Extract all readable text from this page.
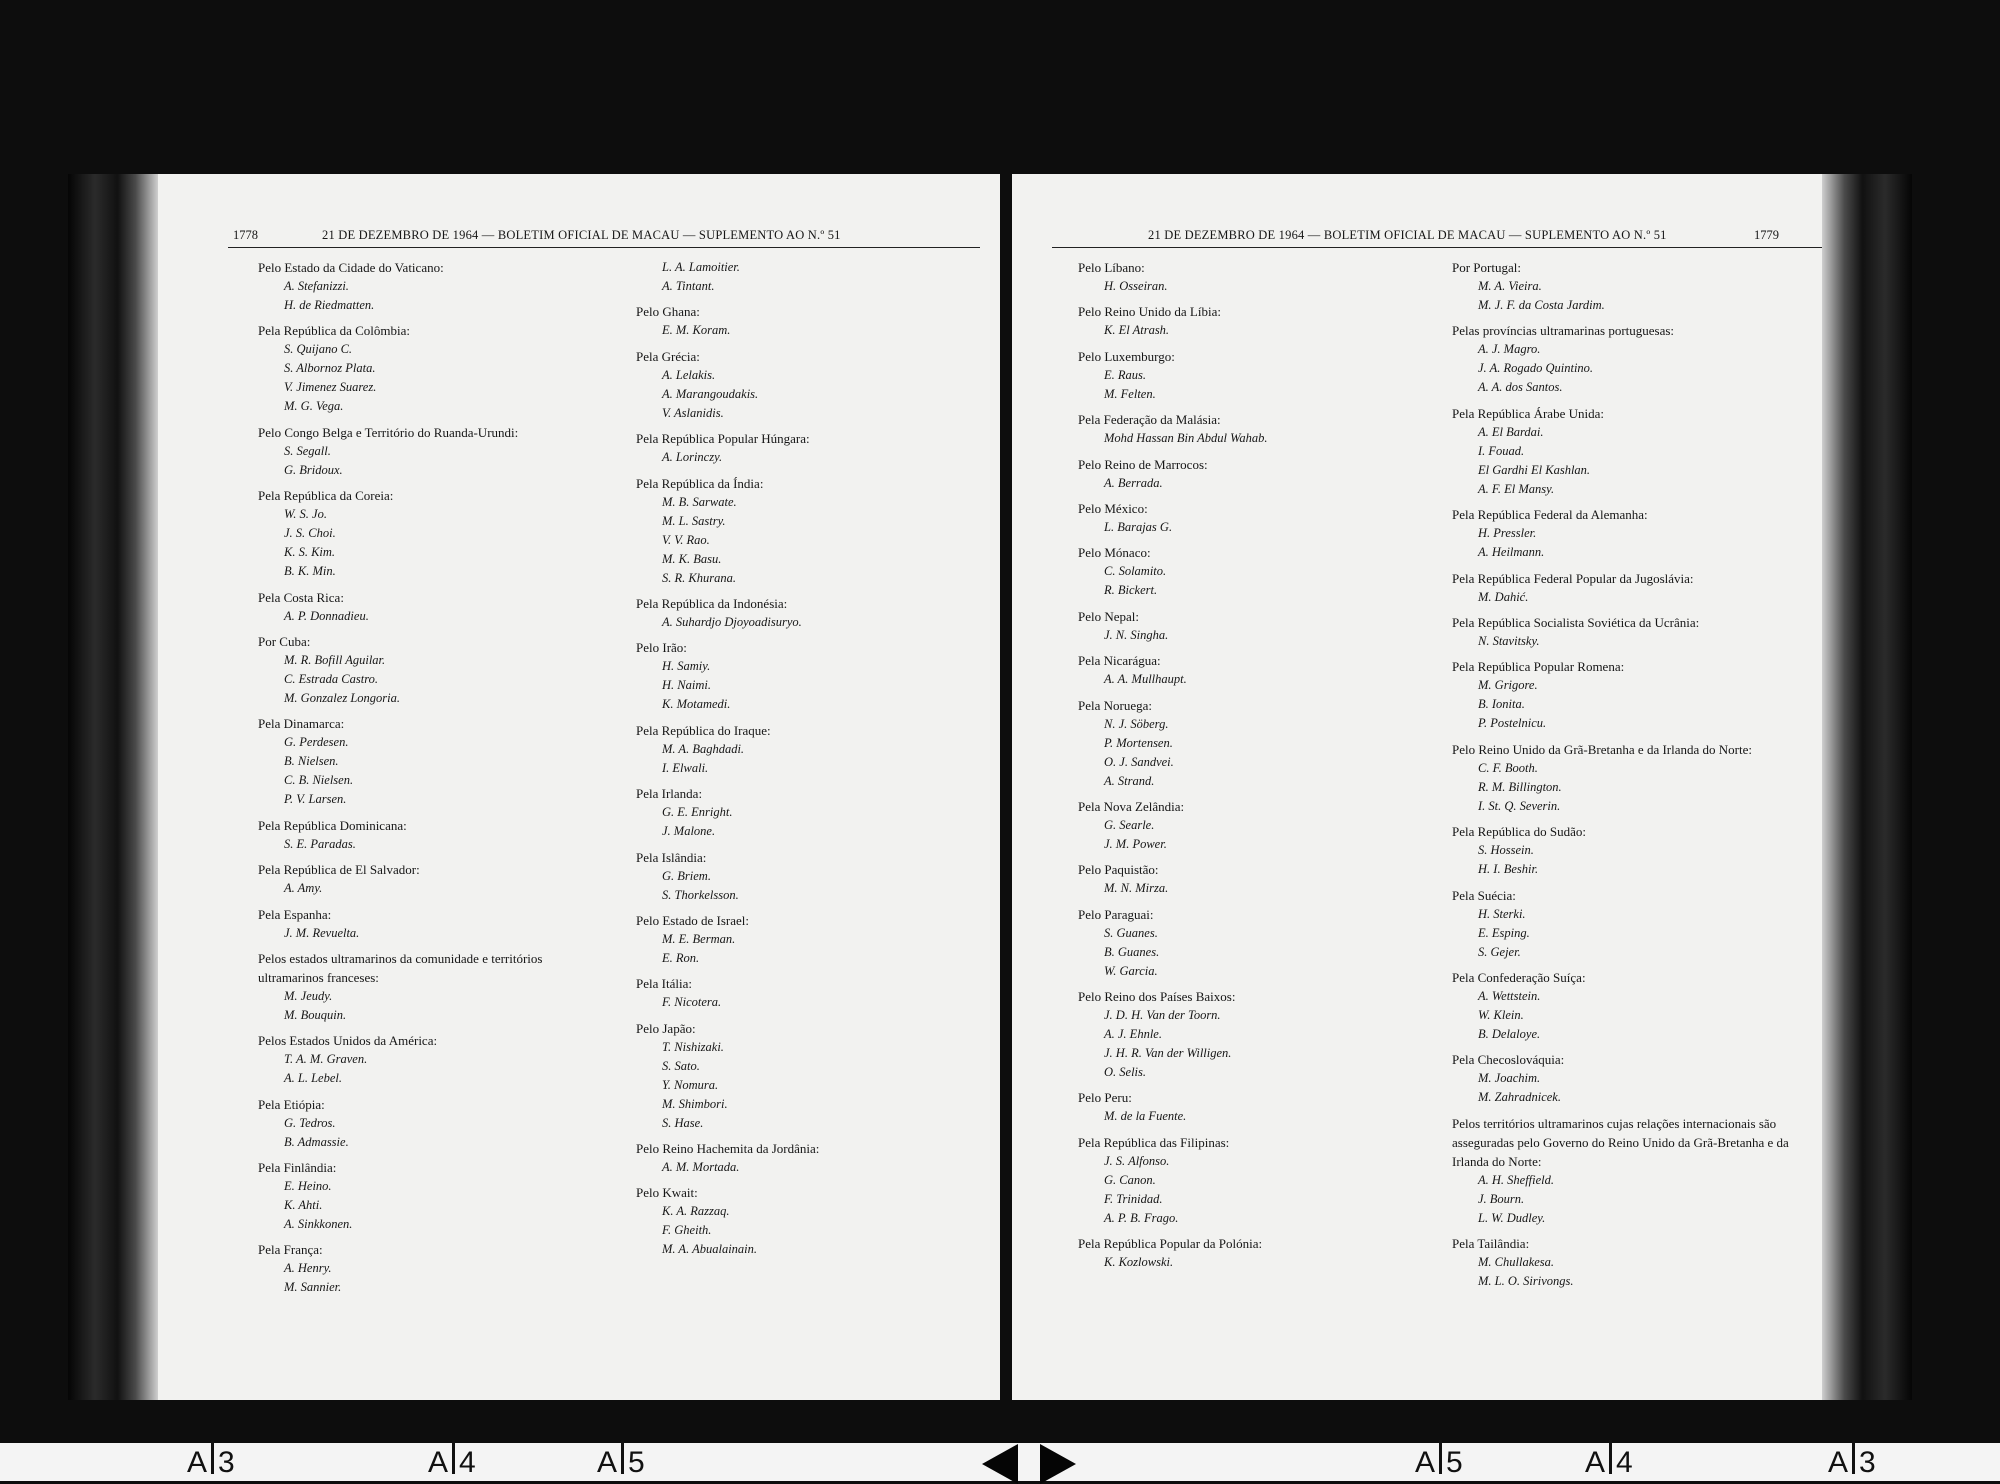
1778	21 DE DEZEMBRO DE 1964 — BOLETIM OFICIAL DE MACAU — SUPLEMENTO AO N.º 51
Pelo Estado da Cidade do Vaticano:
A. Stefanizzi.
H. de Riedmatten.
Pela República da Colômbia:
S. Quijano C.
S. Albornoz Plata.
V. Jimenez Suarez.
M. G. Vega.
Pelo Congo Belga e Território do Ruanda-Urundi:
S. Segall.
G. Bridoux.
Pela República da Coreia:
W. S. Jo.
J. S. Choi.
K. S. Kim.
B. K. Min.
Pela Costa Rica:
A. P. Donnadieu.
Por Cuba:
M. R. Bofill Aguilar.
C. Estrada Castro.
M. Gonzalez Longoria.
Pela Dinamarca:
G. Perdesen.
B. Nielsen.
C. B. Nielsen.
P. V. Larsen.
Pela República Dominicana:
S. E. Paradas.
Pela República de El Salvador:
A. Amy.
Pela Espanha:
J. M. Revuelta.
Pelos estados ultramarinos da comunidade e territórios ultramarinos franceses:
M. Jeudy.
M. Bouquin.
Pelos Estados Unidos da América:
T. A. M. Graven.
A. L. Lebel.
Pela Etiópia:
G. Tedros.
B. Admassie.
Pela Finlândia:
E. Heino.
K. Ahti.
A. Sinkkonen.
Pela França:
A. Henry.
M. Sannier.
L. A. Lamoitier.
A. Tintant.
Pelo Ghana:
E. M. Koram.
Pela Grécia:
A. Lelakis.
A. Marangoudakis.
V. Aslanidis.
Pela República Popular Húngara:
A. Lorinczy.
Pela República da Índia:
M. B. Sarwate.
M. L. Sastry.
V. V. Rao.
M. K. Basu.
S. R. Khurana.
Pela República da Indonésia:
A. Suhardjo Djoyoadisuryo.
Pelo Irão:
H. Samiy.
H. Naimi.
K. Motamedi.
Pela República do Iraque:
M. A. Baghdadi.
I. Elwali.
Pela Irlanda:
G. E. Enright.
J. Malone.
Pela Islândia:
G. Briem.
S. Thorkelsson.
Pelo Estado de Israel:
M. E. Berman.
E. Ron.
Pela Itália:
F. Nicotera.
Pelo Japão:
T. Nishizaki.
S. Sato.
Y. Nomura.
M. Shimbori.
S. Hase.
Pelo Reino Hachemita da Jordânia:
A. M. Mortada.
Pelo Kwait:
K. A. Razzaq.
F. Gheith.
M. A. Abualainain.
21 DE DEZEMBRO DE 1964 — BOLETIM OFICIAL DE MACAU — SUPLEMENTO AO N.º 51	1779
Pelo Líbano:
H. Osseiran.
Pelo Reino Unido da Líbia:
K. El Atrash.
Pelo Luxemburgo:
E. Raus.
M. Felten.
Pela Federação da Malásia:
Mohd Hassan Bin Abdul Wahab.
Pelo Reino de Marrocos:
A. Berrada.
Pelo México:
L. Barajas G.
Pelo Mónaco:
C. Solamito.
R. Bickert.
Pelo Nepal:
J. N. Singha.
Pela Nicarágua:
A. A. Mullhaupt.
Pela Noruega:
N. J. Söberg.
P. Mortensen.
O. J. Sandvei.
A. Strand.
Pela Nova Zelândia:
G. Searle.
J. M. Power.
Pelo Paquistão:
M. N. Mirza.
Pelo Paraguai:
S. Guanes.
B. Guanes.
W. Garcia.
Pelo Reino dos Países Baixos:
J. D. H. Van der Toorn.
A. J. Ehnle.
J. H. R. Van der Willigen.
O. Selis.
Pelo Peru:
M. de la Fuente.
Pela República das Filipinas:
J. S. Alfonso.
G. Canon.
F. Trinidad.
A. P. B. Frago.
Pela República Popular da Polónia:
K. Kozlowski.
Por Portugal:
M. A. Vieira.
M. J. F. da Costa Jardim.
Pelas províncias ultramarinas portuguesas:
A. J. Magro.
J. A. Rogado Quintino.
A. A. dos Santos.
Pela República Árabe Unida:
A. El Bardai.
I. Fouad.
El Gardhi El Kashlan.
A. F. El Mansy.
Pela República Federal da Alemanha:
H. Pressler.
A. Heilmann.
Pela República Federal Popular da Jugoslávia:
M. Dahić.
Pela República Socialista Soviética da Ucrânia:
N. Stavitsky.
Pela República Popular Romena:
M. Grigore.
B. Ionita.
P. Postelnicu.
Pelo Reino Unido da Grã-Bretanha e da Irlanda do Norte:
C. F. Booth.
R. M. Billington.
I. St. Q. Severin.
Pela República do Sudão:
S. Hossein.
H. I. Beshir.
Pela Suécia:
H. Sterki.
E. Esping.
S. Gejer.
Pela Confederação Suíça:
A. Wettstein.
W. Klein.
B. Delaloye.
Pela Checoslováquia:
M. Joachim.
M. Zahradnicek.
Pelos territórios ultramarinos cujas relações internacionais são asseguradas pelo Governo do Reino Unido da Grã-Bretanha e da Irlanda do Norte:
A. H. Sheffield.
J. Bourn.
L. W. Dudley.
Pela Tailândia:
M. Chullakesa.
M. L. O. Sirivongs.
A 3	A 4	A 5	A 5	A 4	A 3
